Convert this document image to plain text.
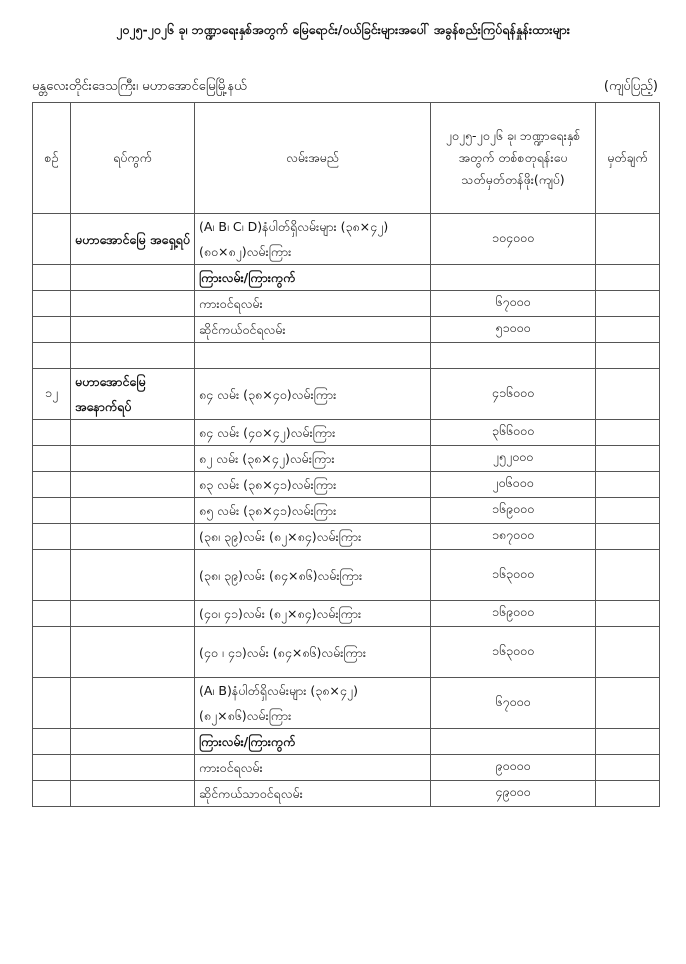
၂၀၂၅-၂၀၂၆ ခု၊ ဘဏ္ဍာရေးနှစ်အတွက် မြေရောင်း/ဝယ်ခြင်းများအပေါ် အခွန်စည်းကြပ်ရန်နှုန်းထားများ
မန္တလေးတိုင်းဒေသကြီး၊ မဟာအောင်မြေမြို့နယ်	(ကျပ်ပြည့်)
စဉ်	ရပ်ကွက်	လမ်းအမည်	၂၀၂၅-၂၀၂၆ ခု၊ ဘဏ္ဍာရေးနှစ်အတွက် တစ်စတုရန်းပေ သတ်မှတ်တန်ဖိုး(ကျပ်)	မှတ်ချက်
	မဟာအောင်မြေ အရှေ့ရပ်	(A၊ B၊ C၊ D)နံပါတ်ရှိလမ်းများ (၃၈×၄၂)(၈၀×၈၂)လမ်းကြား	၁၀၄၀၀၀	
		ကြားလမ်း/ကြားကွက်		
		ကားဝင်ရလမ်း	၆၇၀၀၀	
		ဆိုင်ကယ်ဝင်ရလမ်း	၅၁၀၀၀	

၁၂	မဟာအောင်မြေ အနောက်ရပ်	၈၄ လမ်း (၃၈×၄၀)လမ်းကြား	၄၁၆၀၀၀	
		၈၄ လမ်း (၄၀×၄၂)လမ်းကြား	၃၆၆၀၀၀	
		၈၂ လမ်း (၃၈×၄၂)လမ်းကြား	၂၅၂၀၀၀	
		၈၃ လမ်း (၃၈×၄၁)လမ်းကြား	၂၀၆၀၀၀	
		၈၅ လမ်း (၃၈×၄၁)လမ်းကြား	၁၆၉၀၀၀	
		(၃၈၊ ၃၉)လမ်း (၈၂×၈၄)လမ်းကြား	၁၈၇၀၀၀	
		(၃၈၊ ၃၉)လမ်း (၈၄×၈၆)လမ်းကြား	၁၆၃၀၀၀	
		(၄၀၊ ၄၁)လမ်း (၈၂×၈၄)လမ်းကြား	၁၆၉၀၀၀	
		(၄၀ ၊ ၄၁)လမ်း (၈၄×၈၆)လမ်းကြား	၁၆၃၀၀၀	
		(A၊ B)နံပါတ်ရှိလမ်းများ (၃၈×၄၂)(၈၂×၈၆)လမ်းကြား	၆၇၀၀၀	
		ကြားလမ်း/ကြားကွက်		
		ကားဝင်ရလမ်း	၉၀၀၀၀	
		ဆိုင်ကယ်သာဝင်ရလမ်း	၄၉၀၀၀	
